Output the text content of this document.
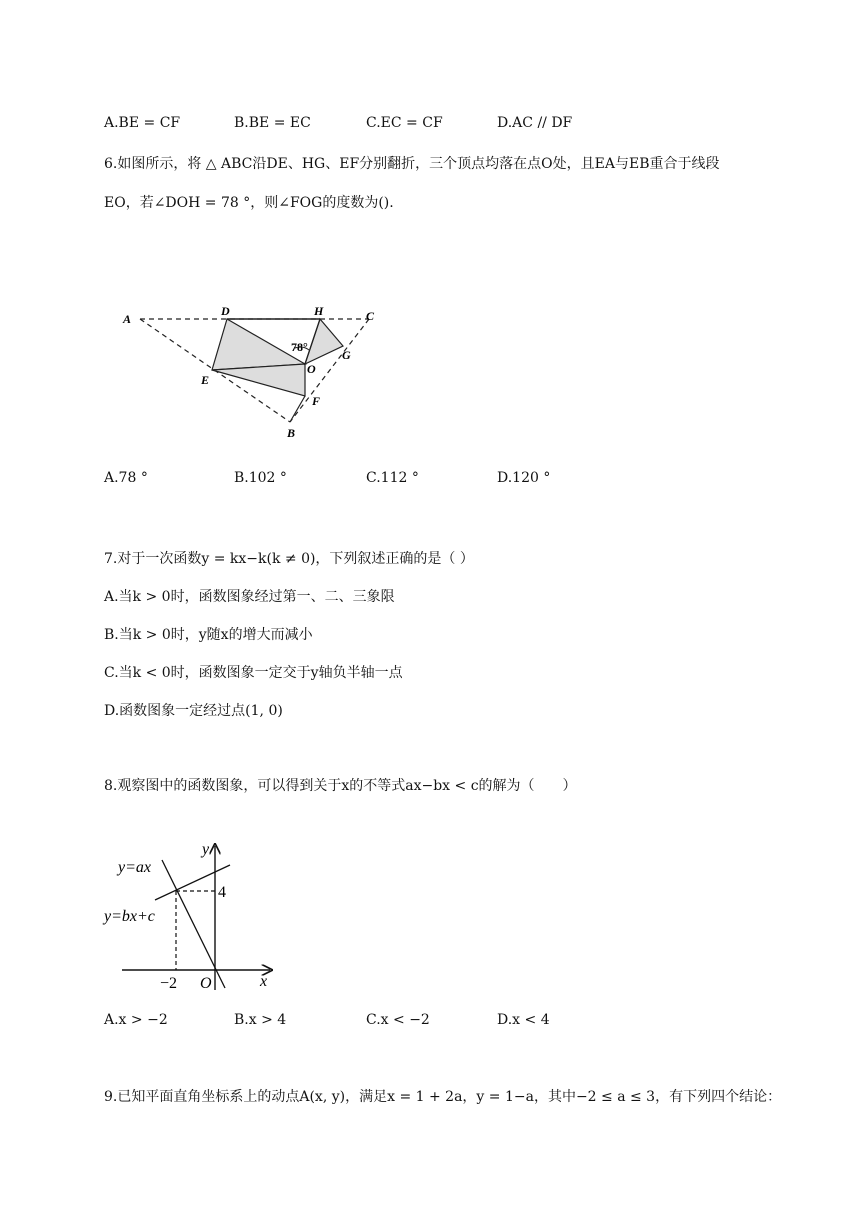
A.BE = CF	B.BE = EC	C.EC = CF	D.AC // DF
6.如图所示，将 △ ABC沿DE、HG、EF分别翻折，三个顶点均落在点O处，且EA与EB重合于线段
EO，若∠DOH = 78 °，则∠FOG的度数为().
A
D	H	C
E
O
G
F
B
78°
A.78 °	B.102 °	C.112 °	D.120 °
7.对于一次函数y = kx−k(k ≠ 0)，下列叙述正确的是（ ）
A.当k > 0时，函数图象经过第一、二、三象限
B.当k > 0时，y随x的增大而减小
C.当k < 0时，函数图象一定交于y轴负半轴一点
D.函数图象一定经过点(1, 0)
8.观察图中的函数图象，可以得到关于x的不等式ax−bx < c的解为（　　）
y=ax
y=bx+c
y
x
O
−2
4
A.x > −2	B.x > 4	C.x < −2	D.x < 4
9.已知平面直角坐标系上的动点A(x, y)，满足x = 1 + 2a，y = 1−a，其中−2 ≤ a ≤ 3，有下列四个结论：
